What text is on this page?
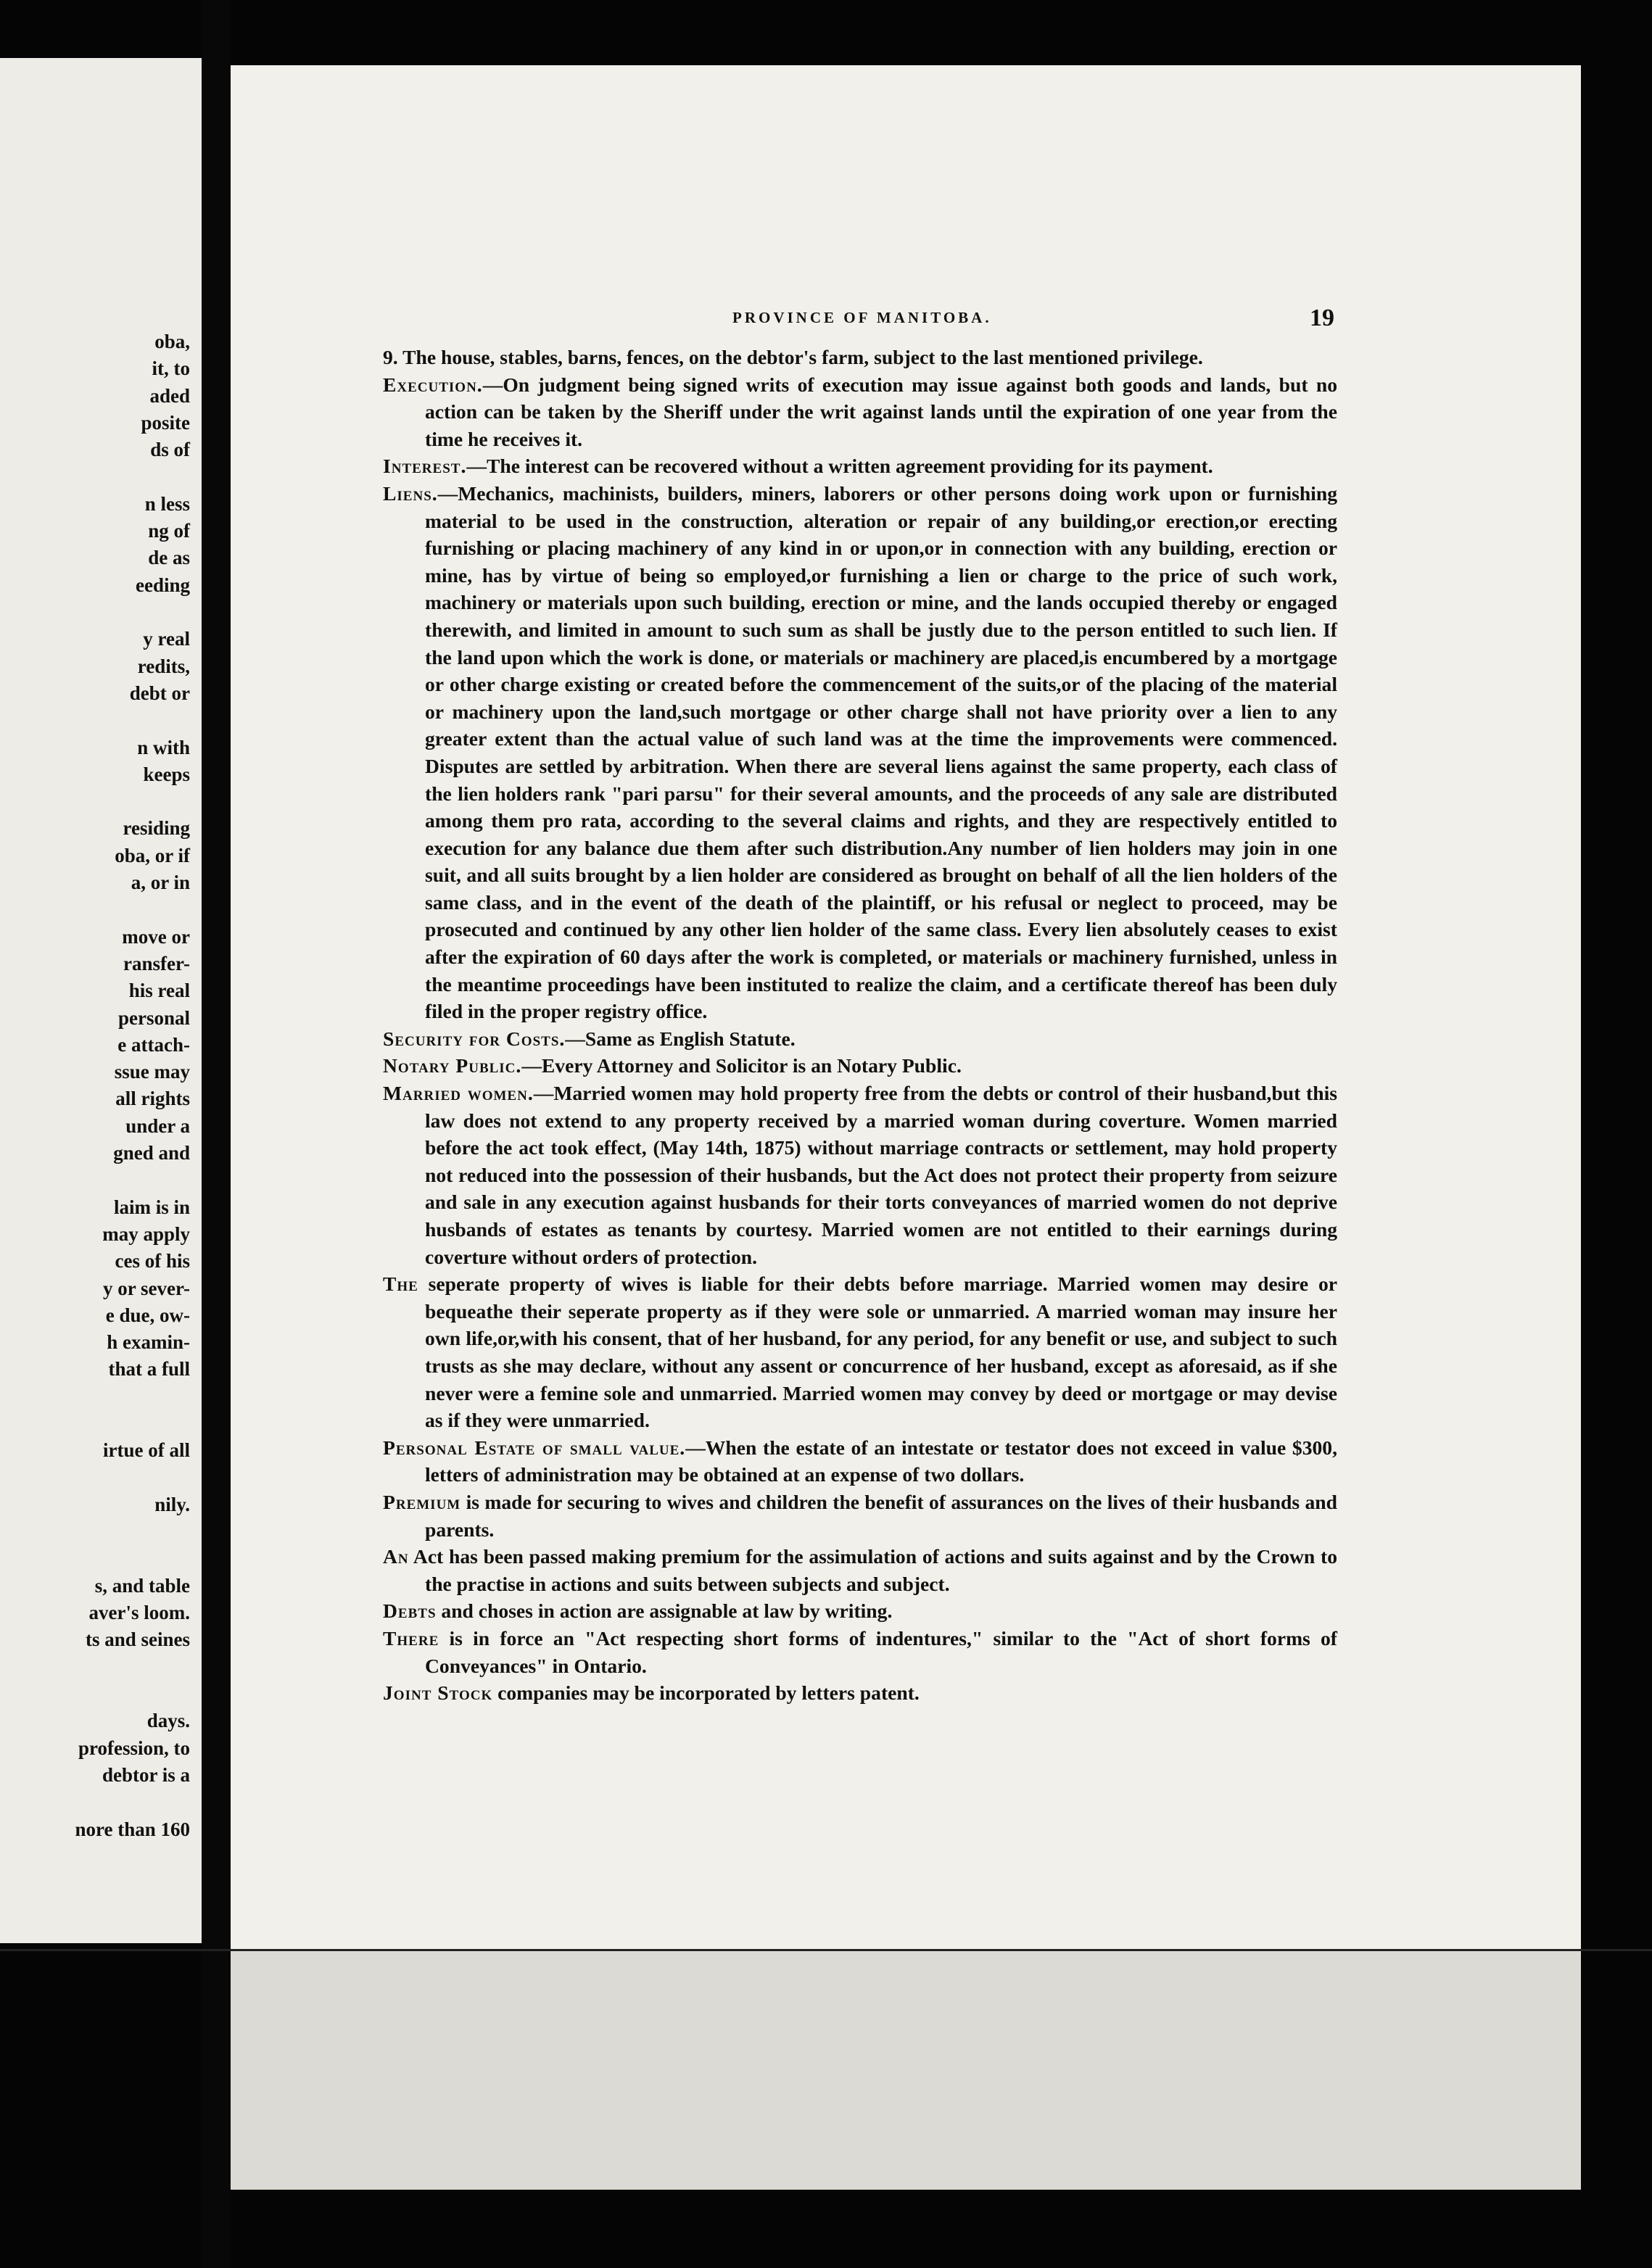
oba,
it, to
aded
posite
ds of
n less
ng of
de as
eeding
y real
redits,
debt or
n with
keeps
residing
oba, or if
a, or in
move or
ransfer-
his real
personal
e attach-
ssue may
all rights
under a
gned and
laim is in
may apply
ces of his
y or sever-
e due, ow-
h examin-
that a full
irtue of all
nily.
s, and table
aver's loom.
ts and seines
days.
profession, to
debtor is a
nore than 160
PROVINCE OF MANITOBA.	19

9. The house, stables, barns, fences, on the debtor's farm, subject to the last mentioned privilege.

Execution.—On judgment being signed writs of execution may issue against both goods and lands, but no action can be taken by the Sheriff under the writ against lands until the expiration of one year from the time he receives it.

Interest.—The interest can be recovered without a written agreement providing for its payment.

Liens.—Mechanics, machinists, builders, miners, laborers or other persons doing work upon or furnishing material to be used in the construction, alteration or repair of any building,or erection,or erecting furnishing or placing machinery of any kind in or upon,or in connection with any building, erection or mine, has by virtue of being so employed,or furnishing a lien or charge to the price of such work, machinery or materials upon such building, erection or mine, and the lands occupied thereby or engaged therewith, and limited in amount to such sum as shall be justly due to the person entitled to such lien. If the land upon which the work is done, or materials or machinery are placed,is encumbered by a mortgage or other charge existing or created before the commencement of the suits,or of the placing of the material or machinery upon the land,such mortgage or other charge shall not have priority over a lien to any greater extent than the actual value of such land was at the time the improvements were commenced. Disputes are settled by arbitration. When there are several liens against the same property, each class of the lien holders rank "pari parsu" for their several amounts, and the proceeds of any sale are distributed among them pro rata, according to the several claims and rights, and they are respectively entitled to execution for any balance due them after such distribution.Any number of lien holders may join in one suit, and all suits brought by a lien holder are considered as brought on behalf of all the lien holders of the same class, and in the event of the death of the plaintiff, or his refusal or neglect to proceed, may be prosecuted and continued by any other lien holder of the same class. Every lien absolutely ceases to exist after the expiration of 60 days after the work is completed, or materials or machinery furnished, unless in the meantime proceedings have been instituted to realize the claim, and a certificate thereof has been duly filed in the proper registry office.

Security for Costs.—Same as English Statute.

Notary Public.—Every Attorney and Solicitor is an Notary Public.

Married women.—Married women may hold property free from the debts or control of their husband,but this law does not extend to any property received by a married woman during coverture. Women married before the act took effect, (May 14th, 1875) without marriage contracts or settlement, may hold property not reduced into the possession of their husbands, but the Act does not protect their property from seizure and sale in any execution against husbands for their torts conveyances of married women do not deprive husbands of estates as tenants by courtesy. Married women are not entitled to their earnings during coverture without orders of protection.

The seperate property of wives is liable for their debts before marriage. Married women may desire or bequeathe their seperate property as if they were sole or unmarried. A married woman may insure her own life,or,with his consent, that of her husband, for any period, for any benefit or use, and subject to such trusts as she may declare, without any assent or concurrence of her husband, except as aforesaid, as if she never were a femine sole and unmarried. Married women may convey by deed or mortgage or may devise as if they were unmarried.

Personal Estate of small value.—When the estate of an intestate or testator does not exceed in value $300, letters of administration may be obtained at an expense of two dollars.

Premium is made for securing to wives and children the benefit of assurances on the lives of their husbands and parents.

An Act has been passed making premium for the assimulation of actions and suits against and by the Crown to the practise in actions and suits between subjects and subject.

Debts and choses in action are assignable at law by writing.

There is in force an "Act respecting short forms of indentures," similar to the "Act of short forms of Conveyances" in Ontario.

Joint Stock companies may be incorporated by letters patent.
